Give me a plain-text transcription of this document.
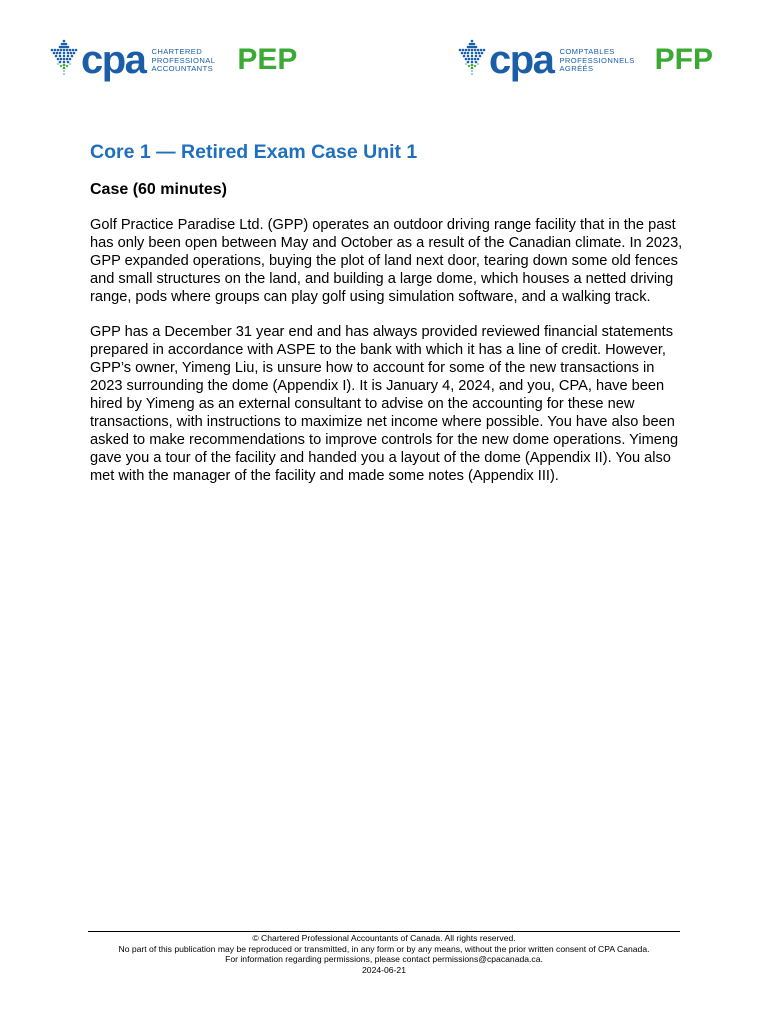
cpa CHARTERED
PROFESSIONAL
ACCOUNTANTS PEP	cpa COMPTABLES
PROFESSIONNELS
AGRÉÉS	PFP
Core 1 — Retired Exam Case Unit 1
Case (60 minutes)

Golf Practice Paradise Ltd. (GPP) operates an outdoor driving range facility that in the past has only been open between May and October as a result of the Canadian climate. In 2023, GPP expanded operations, buying the plot of land next door, tearing down some old fences and small structures on the land, and building a large dome, which houses a netted driving range, pods where groups can play golf using simulation software, and a walking track.

GPP has a December 31 year end and has always provided reviewed financial statements prepared in accordance with ASPE to the bank with which it has a line of credit. However, GPP’s owner, Yimeng Liu, is unsure how to account for some of the new transactions in 2023 surrounding the dome (Appendix I). It is January 4, 2024, and you, CPA, have been hired by Yimeng as an external consultant to advise on the accounting for these new transactions, with instructions to maximize net income where possible. You have also been asked to make recommendations to improve controls for the new dome operations. Yimeng gave you a tour of the facility and handed you a layout of the dome (Appendix II). You also met with the manager of the facility and made some notes (Appendix III).

© Chartered Professional Accountants of Canada. All rights reserved.
No part of this publication may be reproduced or transmitted, in any form or by any means, without the prior written consent of CPA Canada.
For information regarding permissions, please contact permissions@cpacanada.ca.
2024-06-21
